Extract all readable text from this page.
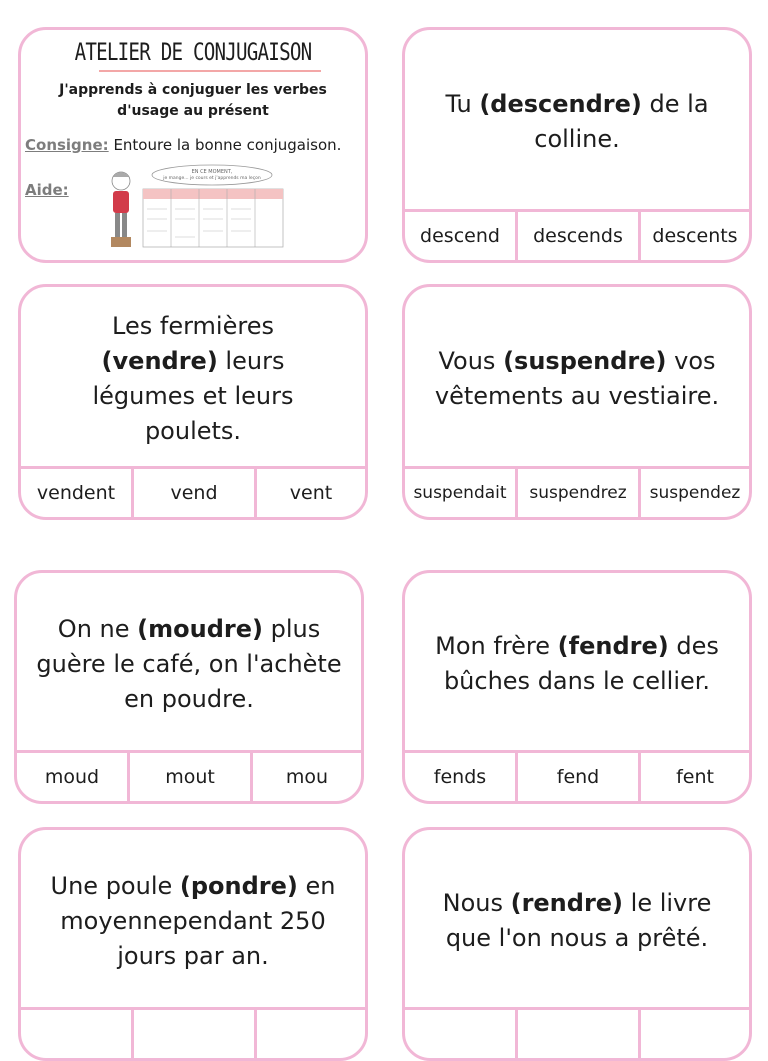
ATELIER DE CONJUGAISON
J'apprends à conjuguer les verbes d'usage au présent
Consigne: Entoure la bonne conjugaison.
Aide:
EN CE MOMENT,
je mange... je cours et j'apprends ma leçon
Tu (descendre) de la colline.
descend	descends	descents
Les fermières (vendre) leurs légumes et leurs poulets.
vendent	vend	vent
Vous (suspendre) vos vêtements au vestiaire.
suspendait	suspendrez	suspendez
On ne (moudre) plus guère le café, on l'achète en poudre.
moud	mout	mou
Mon frère (fendre) des bûches dans le cellier.
fends	fend	fent
Une poule (pondre) en moyennependant 250 jours par an.
Nous (rendre) le livre que l'on nous a prêté.
